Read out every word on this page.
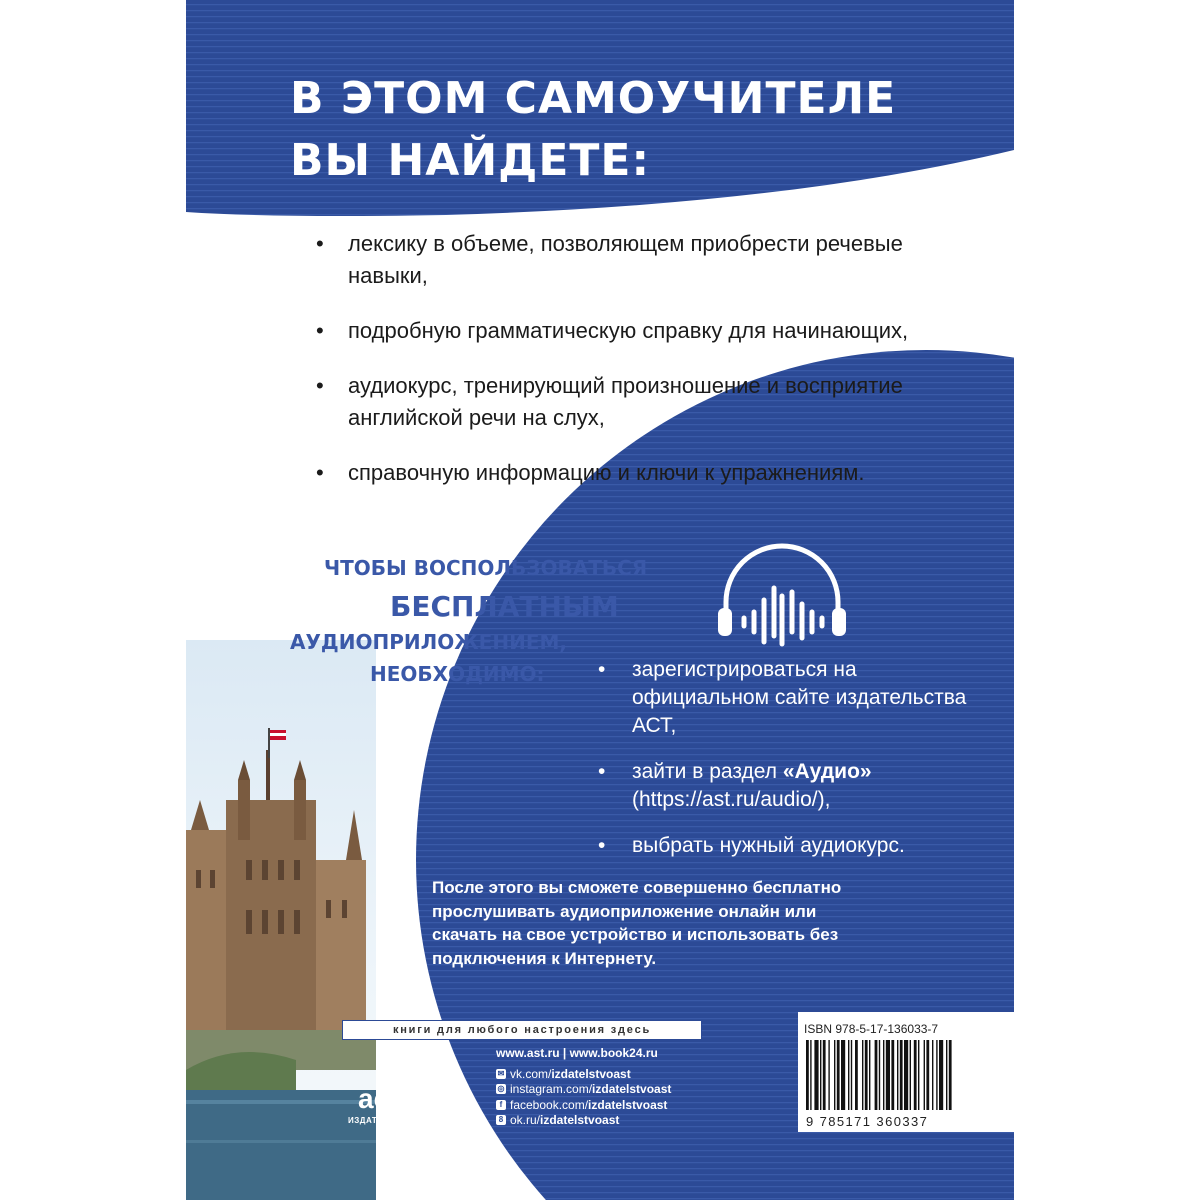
В ЭТОМ САМОУЧИТЕЛЕ
ВЫ НАЙДЕТЕ:
• лексику в объеме, позволяющем приобрести речевые навыки,
• подробную грамматическую справку для начинающих,
• аудиокурс, тренирующий произношение и восприятие английской речи на слух,
• справочную информацию и ключи к упражнениям.
ЧТОБЫ ВОСПОЛЬЗОВАТЬСЯ
БЕСПЛАТНЫМ
АУДИОПРИЛОЖЕНИЕМ,
НЕОБХОДИМО:	• зарегистрироваться на официальном сайте издательства АСТ,
• зайти в раздел «Аудио»
(https://ast.ru/audio/),
• выбрать нужный аудиокурс.
После этого вы сможете совершенно бесплатно прослушивать аудиоприложение онлайн или скачать на свое устройство и использовать без подключения к Интернету.
книги для любого настроения здесь
аст
ИЗДАТЕЛЬСКАЯ ГРУППА АСТ
www.ast.ru | www.book24.ru
✉ vk.com/ izdatelstvoast
◎ instagram.com/ izdatelstvoast
f facebook.com/ izdatelstvoast
8 ok.ru/ izdatelstvoast
ISBN 978-5-17-136033-7
9 785171 360337
